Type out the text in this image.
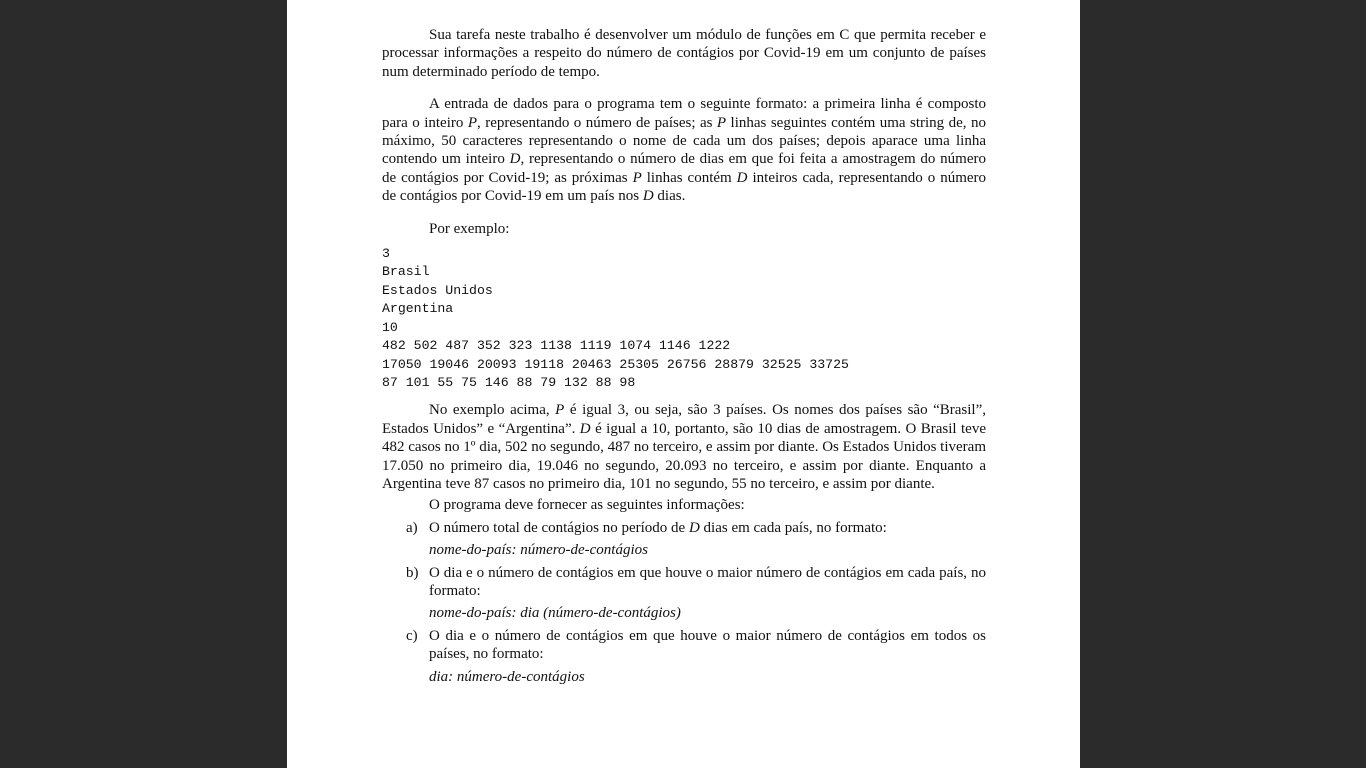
Sua tarefa neste trabalho é desenvolver um módulo de funções em C que permita receber e processar informações a respeito do número de contágios por Covid-19 em um conjunto de países num determinado período de tempo.

A entrada de dados para o programa tem o seguinte formato: a primeira linha é composto para o inteiro P, representando o número de países; as P linhas seguintes contém uma string de, no máximo, 50 caracteres representando o nome de cada um dos países; depois aparace uma linha contendo um inteiro D, representando o número de dias em que foi feita a amostragem do número de contágios por Covid-19; as próximas P linhas contém D inteiros cada, representando o número de contágios por Covid-19 em um país nos D dias.

Por exemplo:

3
Brasil
Estados Unidos
Argentina
10
482 502 487 352 323 1138 1119 1074 1146 1222
17050 19046 20093 19118 20463 25305 26756 28879 32525 33725
87 101 55 75 146 88 79 132 88 98

No exemplo acima, P é igual 3, ou seja, são 3 países. Os nomes dos países são “Brasil”, Estados Unidos” e “Argentina”. D é igual a 10, portanto, são 10 dias de amostragem. O Brasil teve 482 casos no 1º dia, 502 no segundo, 487 no terceiro, e assim por diante. Os Estados Unidos tiveram 17.050 no primeiro dia, 19.046 no segundo, 20.093 no terceiro, e assim por diante. Enquanto a Argentina teve 87 casos no primeiro dia, 101 no segundo, 55 no terceiro, e assim por diante.

O programa deve fornecer as seguintes informações:

a) O número total de contágios no período de D dias em cada país, no formato:

nome-do-país: número-de-contágios

b) O dia e o número de contágios em que houve o maior número de contágios em cada país, no formato:

nome-do-país: dia (número-de-contágios)

c) O dia e o número de contágios em que houve o maior número de contágios em todos os países, no formato:

dia: número-de-contágios
